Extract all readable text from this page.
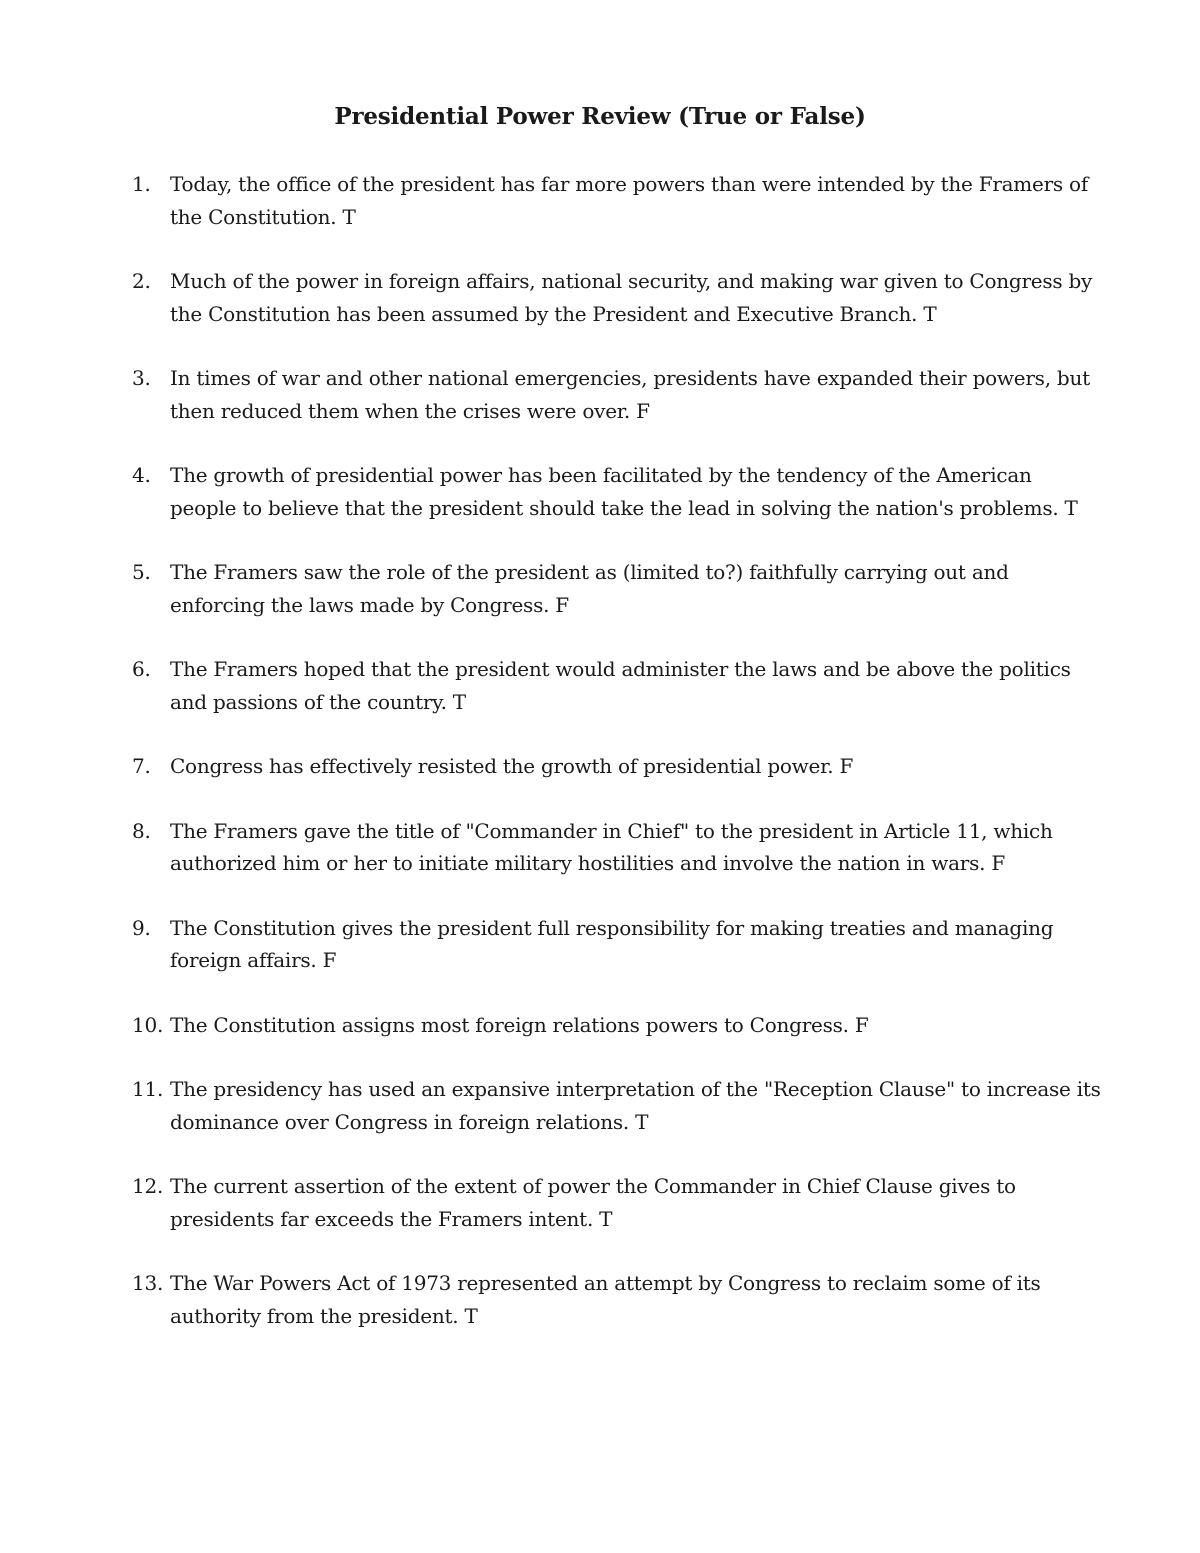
Presidential Power Review (True or False)
1. Today, the office of the president has far more powers than were intended by the Framers of the Constitution. T
2. Much of the power in foreign affairs, national security, and making war given to Congress by the Constitution has been assumed by the President and Executive Branch. T
3. In times of war and other national emergencies, presidents have expanded their powers, but then reduced them when the crises were over. F
4. The growth of presidential power has been facilitated by the tendency of the American people to believe that the president should take the lead in solving the nation's problems. T
5. The Framers saw the role of the president as (limited to?) faithfully carrying out and enforcing the laws made by Congress. F
6. The Framers hoped that the president would administer the laws and be above the politics and passions of the country. T
7. Congress has effectively resisted the growth of presidential power. F
8. The Framers gave the title of "Commander in Chief" to the president in Article 11, which authorized him or her to initiate military hostilities and involve the nation in wars. F
9. The Constitution gives the president full responsibility for making treaties and managing foreign affairs. F
10. The Constitution assigns most foreign relations powers to Congress. F
11. The presidency has used an expansive interpretation of the "Reception Clause" to increase its dominance over Congress in foreign relations. T
12. The current assertion of the extent of power the Commander in Chief Clause gives to presidents far exceeds the Framers intent. T
13. The War Powers Act of 1973 represented an attempt by Congress to reclaim some of its authority from the president. T
